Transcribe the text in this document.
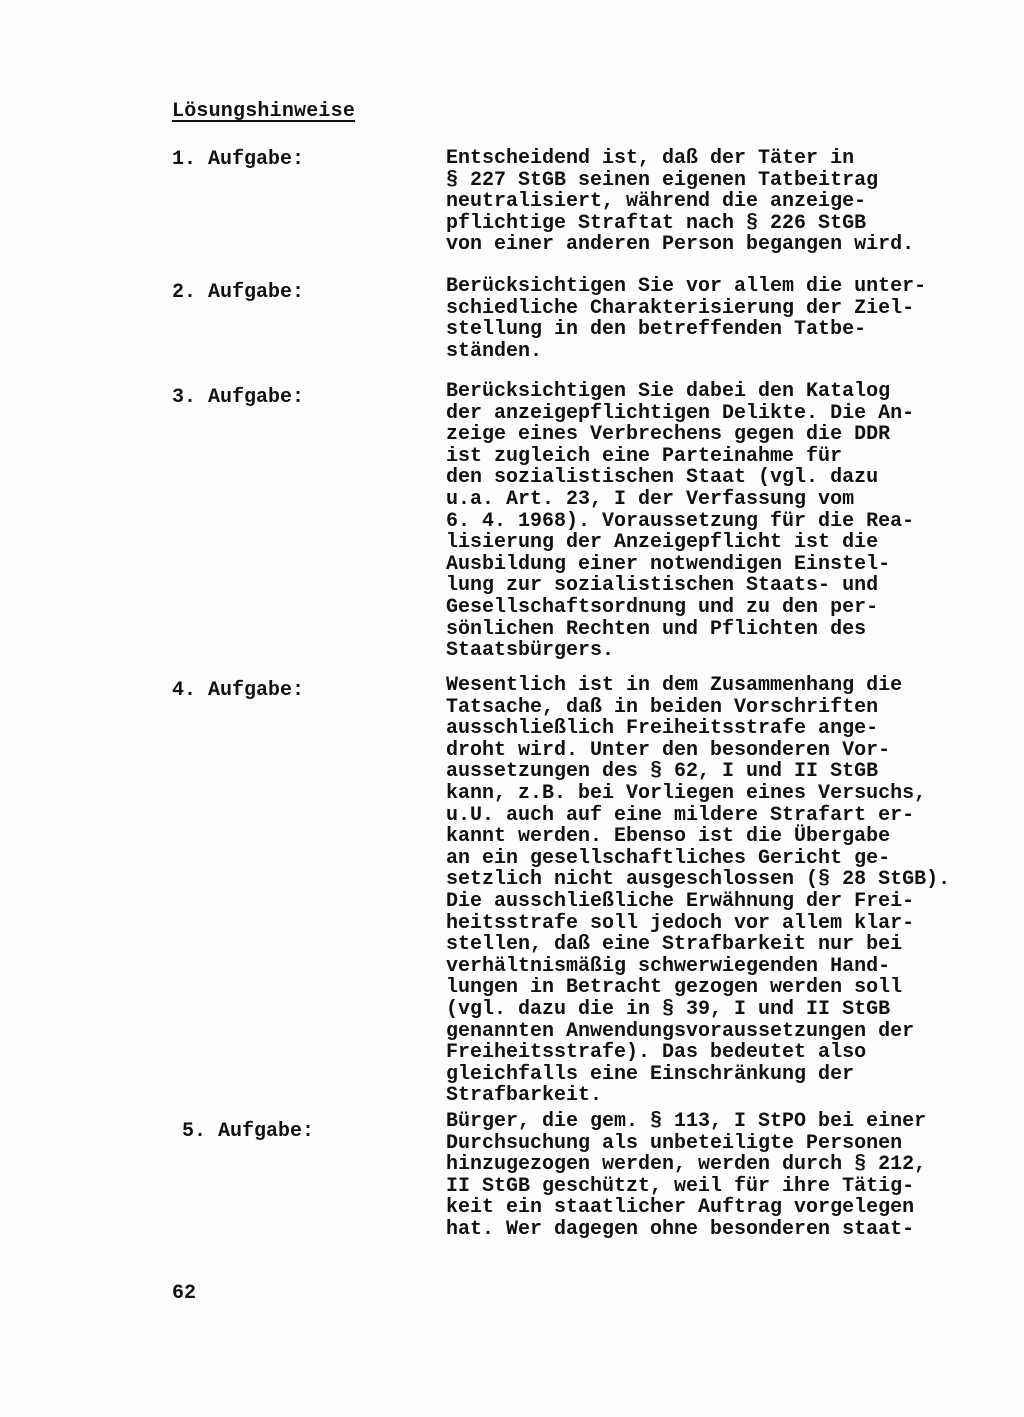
Lösungshinweise
1. Aufgabe:	Entscheidend ist, daß der Täter in
§ 227 StGB seinen eigenen Tatbeitrag
neutralisiert, während die anzeige-
pflichtige Straftat nach § 226 StGB
von einer anderen Person begangen wird.

2. Aufgabe:	Berücksichtigen Sie vor allem die unter-
schiedliche Charakterisierung der Ziel-
stellung in den betreffenden Tatbe-
ständen.

3. Aufgabe:	Berücksichtigen Sie dabei den Katalog
der anzeigepflichtigen Delikte. Die An-
zeige eines Verbrechens gegen die DDR
ist zugleich eine Parteinahme für
den sozialistischen Staat (vgl. dazu
u.a. Art. 23, I der Verfassung vom
6. 4. 1968). Voraussetzung für die Rea-
lisierung der Anzeigepflicht ist die
Ausbildung einer notwendigen Einstel-
lung zur sozialistischen Staats- und
Gesellschaftsordnung und zu den per-
sönlichen Rechten und Pflichten des
Staatsbürgers.

4. Aufgabe:	Wesentlich ist in dem Zusammenhang die
Tatsache, daß in beiden Vorschriften
ausschließlich Freiheitsstrafe ange-
droht wird. Unter den besonderen Vor-
aussetzungen des § 62, I und II StGB
kann, z.B. bei Vorliegen eines Versuchs,
u.U. auch auf eine mildere Strafart er-
kannt werden. Ebenso ist die Übergabe
an ein gesellschaftliches Gericht ge-
setzlich nicht ausgeschlossen (§ 28 StGB).
Die ausschließliche Erwähnung der Frei-
heitsstrafe soll jedoch vor allem klar-
stellen, daß eine Strafbarkeit nur bei
verhältnismäßig schwerwiegenden Hand-
lungen in Betracht gezogen werden soll
(vgl. dazu die in § 39, I und II StGB
genannten Anwendungsvoraussetzungen der
Freiheitsstrafe). Das bedeutet also
gleichfalls eine Einschränkung der
Strafbarkeit.

5. Aufgabe:	Bürger, die gem. § 113, I StPO bei einer
Durchsuchung als unbeteiligte Personen
hinzugezogen werden, werden durch § 212,
II StGB geschützt, weil für ihre Tätig-
keit ein staatlicher Auftrag vorgelegen
hat. Wer dagegen ohne besonderen staat-

62
